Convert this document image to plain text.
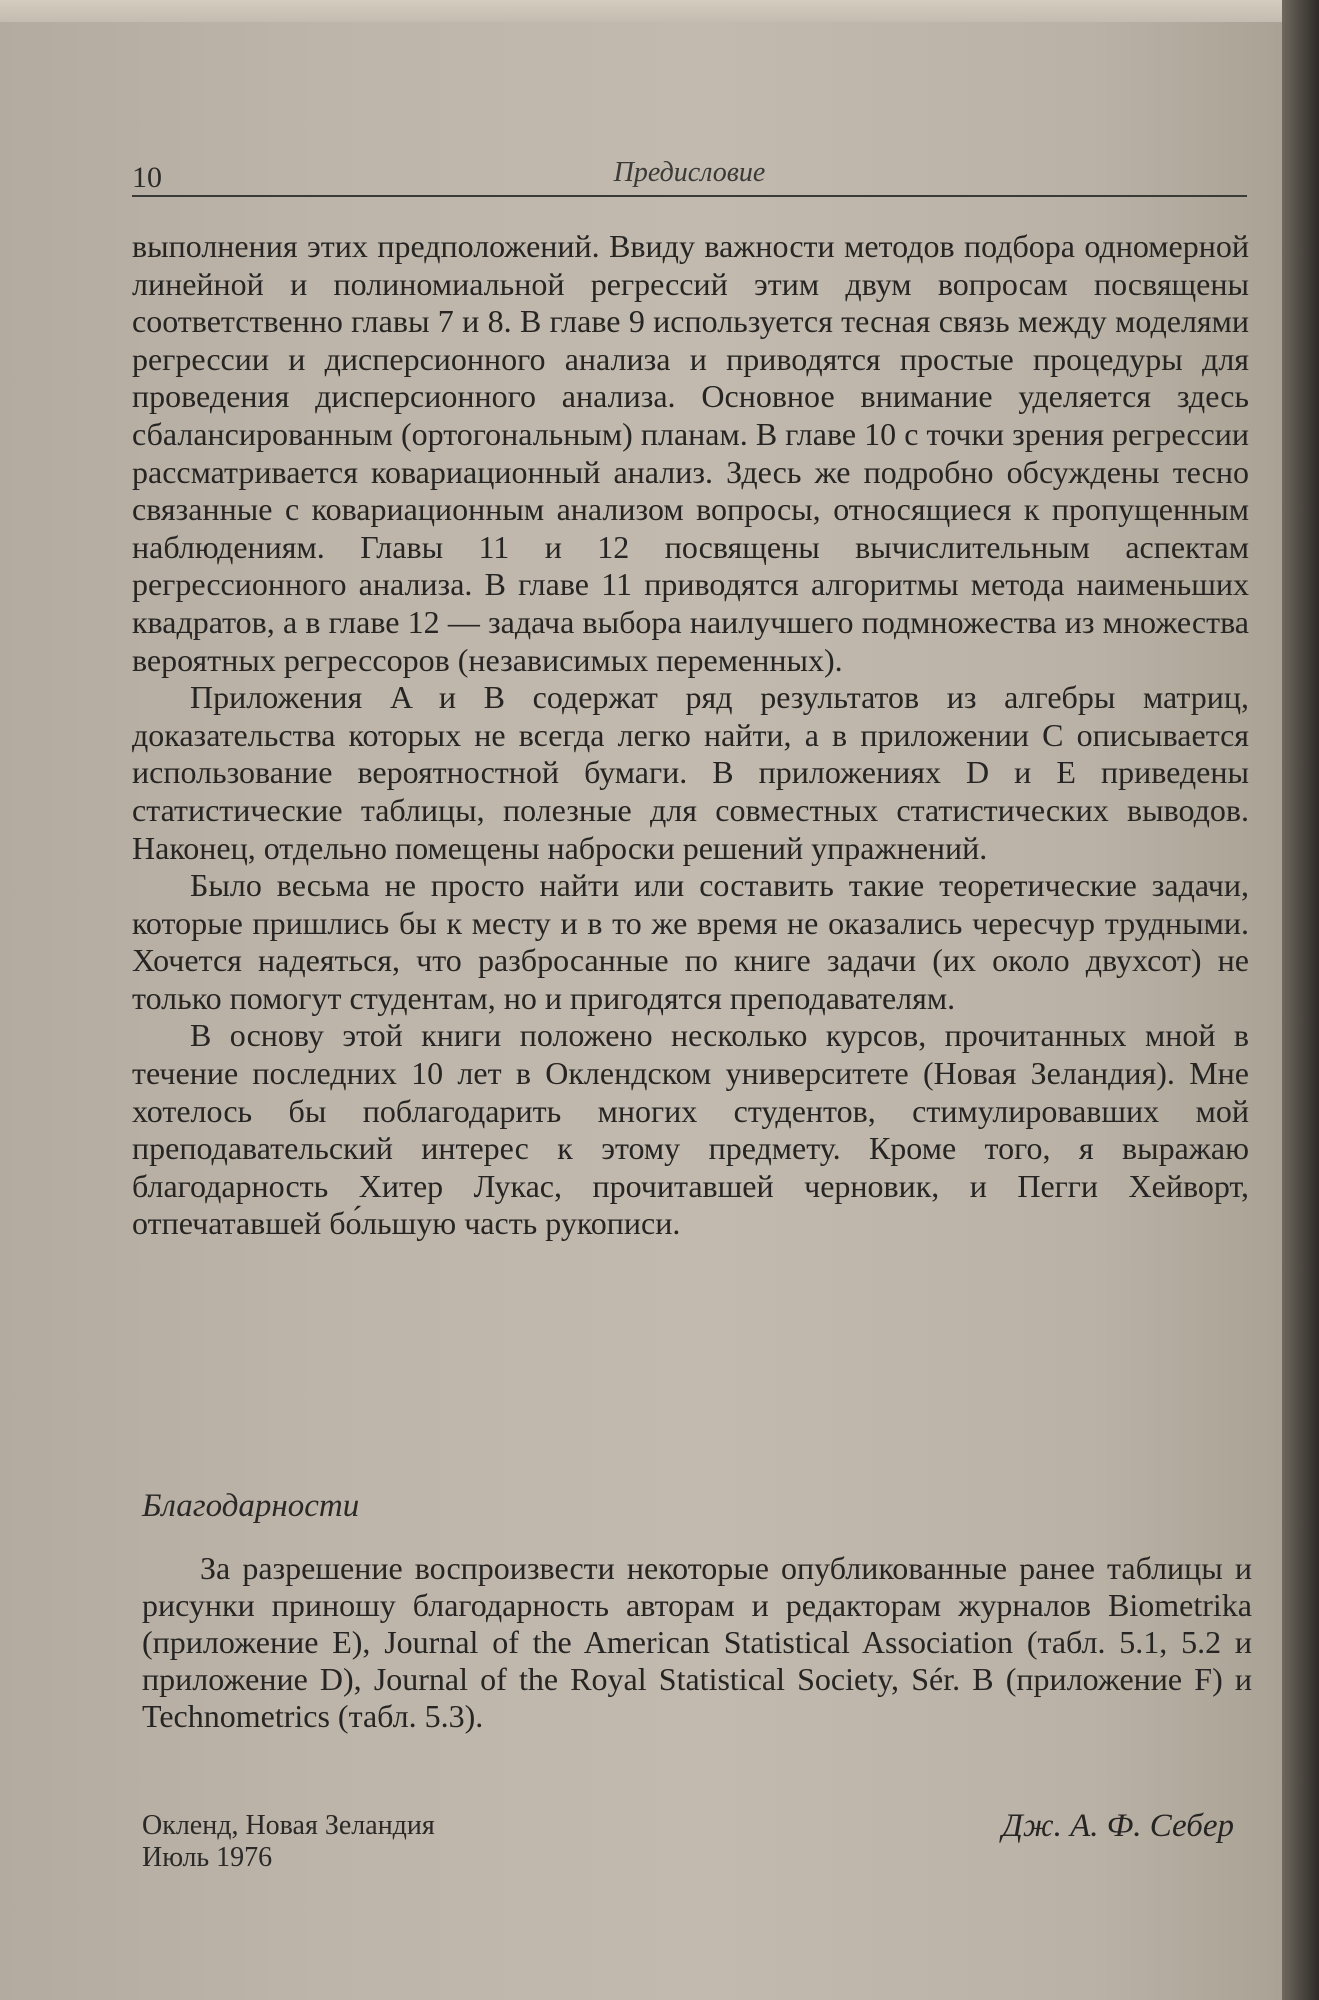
10	Предисловие

выполнения этих предположений. Ввиду важности методов подбора одномерной линейной и полиномиальной регрессий этим двум вопросам посвящены соответственно главы 7 и 8. В главе 9 используется тесная связь между моделями регрессии и дисперсионного анализа и приводятся простые процедуры для проведения дисперсионного анализа. Основное внимание уделяется здесь сбалансированным (ортогональным) планам. В главе 10 с точки зрения регрессии рассматривается ковариационный анализ. Здесь же подробно обсуждены тесно связанные с ковариационным анализом вопросы, относящиеся к пропущенным наблюдениям. Главы 11 и 12 посвящены вычислительным аспектам регрессионного анализа. В главе 11 приводятся алгоритмы метода наименьших квадратов, а в главе 12 — задача выбора наилучшего подмножества из множества вероятных регрессоров (независимых переменных).

Приложения A и B содержат ряд результатов из алгебры матриц, доказательства которых не всегда легко найти, а в приложении C описывается использование вероятностной бумаги. В приложениях D и E приведены статистические таблицы, полезные для совместных статистических выводов. Наконец, отдельно помещены наброски решений упражнений.

Было весьма не просто найти или составить такие теоретические задачи, которые пришлись бы к месту и в то же время не оказались чересчур трудными. Хочется надеяться, что разбросанные по книге задачи (их около двухсот) не только помогут студентам, но и пригодятся преподавателям.

В основу этой книги положено несколько курсов, прочитанных мной в течение последних 10 лет в Оклендском университете (Новая Зеландия). Мне хотелось бы поблагодарить многих студентов, стимулировавших мой преподавательский интерес к этому предмету. Кроме того, я выражаю благодарность Хитер Лукас, прочитавшей черновик, и Пегги Хейворт, отпечатавшей бо́льшую часть рукописи.

Благодарности

За разрешение воспроизвести некоторые опубликованные ранее таблицы и рисунки приношу благодарность авторам и редакторам журналов Biometrika (приложение E), Journal of the American Statistical Association (табл. 5.1, 5.2 и приложение D), Journal of the Royal Statistical Society, Sér. B (приложение F) и Technometrics (табл. 5.3).

Окленд, Новая Зеландия
Июль 1976
Дж. А. Ф. Себер
